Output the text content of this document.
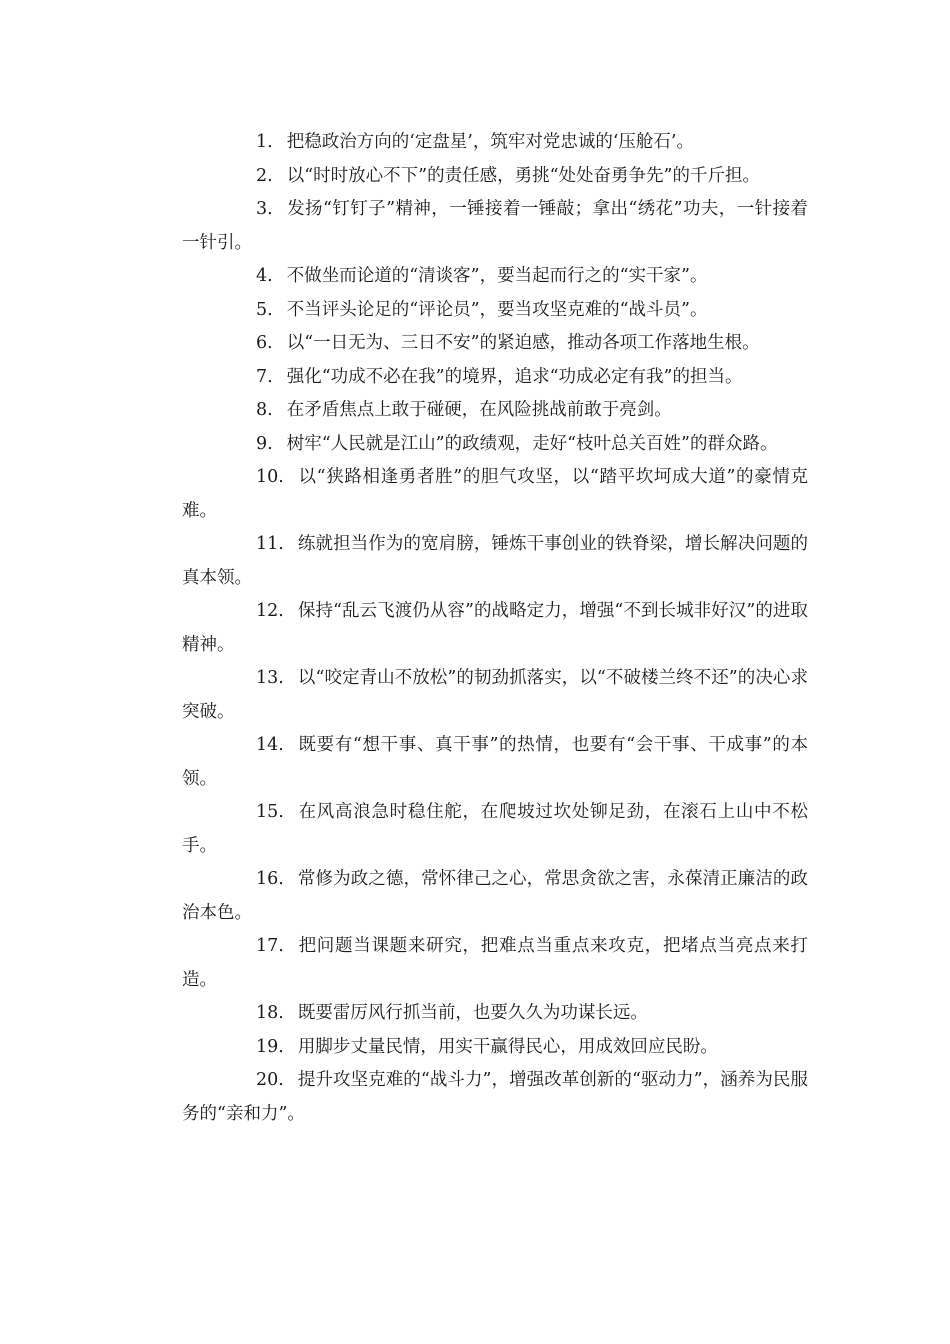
1. 把稳政治方向的‘定盘星’，筑牢对党忠诚的‘压舱石’。

2. 以“时时放心不下”的责任感，勇挑“处处奋勇争先”的千斤担。

3. 发扬“钉钉子”精神，一锤接着一锤敲；拿出“绣花”功夫，一针接着一针引。

4. 不做坐而论道的“清谈客”，要当起而行之的“实干家”。

5. 不当评头论足的“评论员”，要当攻坚克难的“战斗员”。

6. 以“一日无为、三日不安”的紧迫感，推动各项工作落地生根。

7. 强化“功成不必在我”的境界，追求“功成必定有我”的担当。

8. 在矛盾焦点上敢于碰硬，在风险挑战前敢于亮剑。

9. 树牢“人民就是江山”的政绩观，走好“枝叶总关百姓”的群众路。

10. 以“狭路相逢勇者胜”的胆气攻坚，以“踏平坎坷成大道”的豪情克难。

11. 练就担当作为的宽肩膀，锤炼干事创业的铁脊梁，增长解决问题的真本领。

12. 保持“乱云飞渡仍从容”的战略定力，增强“不到长城非好汉”的进取精神。

13. 以“咬定青山不放松”的韧劲抓落实，以“不破楼兰终不还”的决心求突破。

14. 既要有“想干事、真干事”的热情，也要有“会干事、干成事”的本领。

15. 在风高浪急时稳住舵，在爬坡过坎处铆足劲，在滚石上山中不松手。

16. 常修为政之德，常怀律己之心，常思贪欲之害，永葆清正廉洁的政治本色。

17. 把问题当课题来研究，把难点当重点来攻克，把堵点当亮点来打造。

18. 既要雷厉风行抓当前，也要久久为功谋长远。

19. 用脚步丈量民情，用实干赢得民心，用成效回应民盼。

20. 提升攻坚克难的“战斗力”，增强改革创新的“驱动力”，涵养为民服务的“亲和力”。
